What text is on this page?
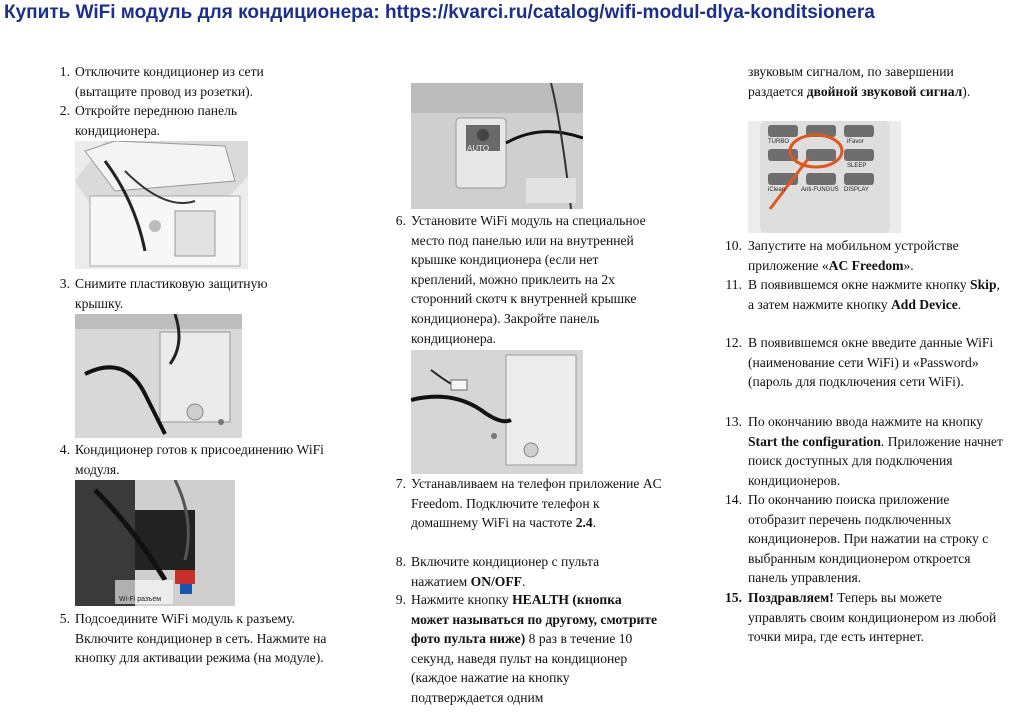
Купить WiFi модуль для кондиционера: https://kvarci.ru/catalog/wifi-modul-dlya-konditsionera
1. Отключите кондиционер из сети (вытащите провод из розетки).
2. Откройте переднюю панель кондиционера.
3. Снимите пластиковую защитную крышку.
4. Кондиционер готов к присоединению WiFi модуля.
Wi-Fi разъем
5. Подсоедините WiFi модуль к разъему. Включите кондиционер в сеть. Нажмите на кнопку для активации режима (на модуле).
AUTO
6. Установите WiFi модуль на специальное место под панелью или на внутренней крышке кондиционера (если нет креплений, можно приклеить на 2х сторонний скотч к внутренней крышке кондиционера). Закройте панель кондиционера.
7. Устанавливаем на телефон приложение AC Freedom. Подключите телефон к домашнему WiFi на частоте 2.4.
8. Включите кондиционер с пульта нажатием ON/OFF.
9. Нажмите кнопку HEALTH (кнопка может называться по другому, смотрите фото пульта ниже) 8 раз в течение 10 секунд, наведя пульт на кондиционер (каждое нажатие на кнопку подтверждается одним
звуковым сигналом, по завершении раздается двойной звуковой сигнал).
TURBO	iFavor
SLEEP
iClean	Anti-FUNGUS DISPLAY
10. Запустите на мобильном устройстве приложение «AC Freedom».
11. В появившемся окне нажмите кнопку Skip, а затем нажмите кнопку Add Device.
12. В появившемся окне введите данные WiFi (наименование сети WiFi) и «Password» (пароль для подключения сети WiFi).
13. По окончанию ввода нажмите на кнопку Start the configuration. Приложение начнет поиск доступных для подключения кондиционеров.
14. По окончанию поиска приложение отобразит перечень подключенных кондиционеров. При нажатии на строку с выбранным кондиционером откроется панель управления.
15. Поздравляем! Теперь вы можете управлять своим кондиционером из любой точки мира, где есть интернет.
